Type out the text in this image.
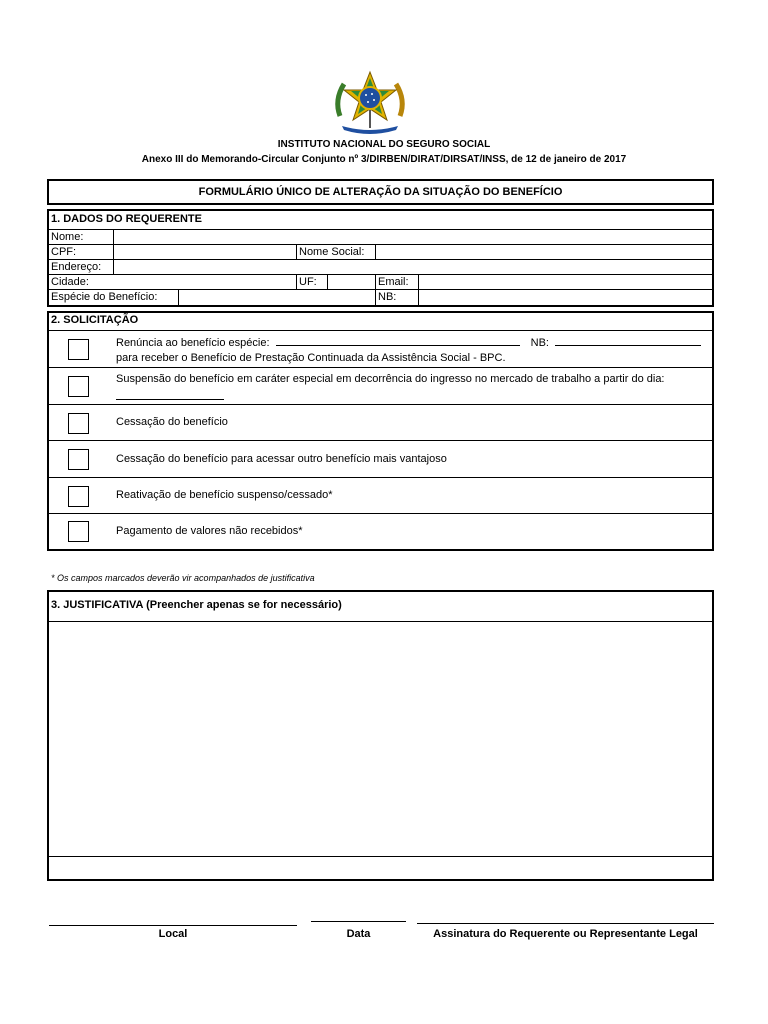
INSTITUTO NACIONAL DO SEGURO SOCIAL
Anexo III do Memorando-Circular Conjunto nº 3/DIRBEN/DIRAT/DIRSAT/INSS, de 12 de janeiro de 2017
FORMULÁRIO ÚNICO DE ALTERAÇÃO DA SITUAÇÃO DO BENEFÍCIO
1. DADOS DO REQUERENTE
Nome:
CPF:	Nome Social:
Endereço:
Cidade:	UF:	Email:
Espécie do Benefício:	NB:
2. SOLICITAÇÃO
Renúncia ao benefício espécie:	NB:
para receber o Benefício de Prestação Continuada da Assistência Social - BPC.
Suspensão do benefício em caráter especial em decorrência do ingresso no mercado de trabalho a partir do dia:
Cessação do benefício
Cessação do benefício para acessar outro benefício mais vantajoso
Reativação de benefício suspenso/cessado*
Pagamento de valores não recebidos*
* Os campos marcados deverão vir acompanhados de justificativa
3. JUSTIFICATIVA (Preencher apenas se for necessário)
Local	Data	Assinatura do Requerente ou Representante Legal
